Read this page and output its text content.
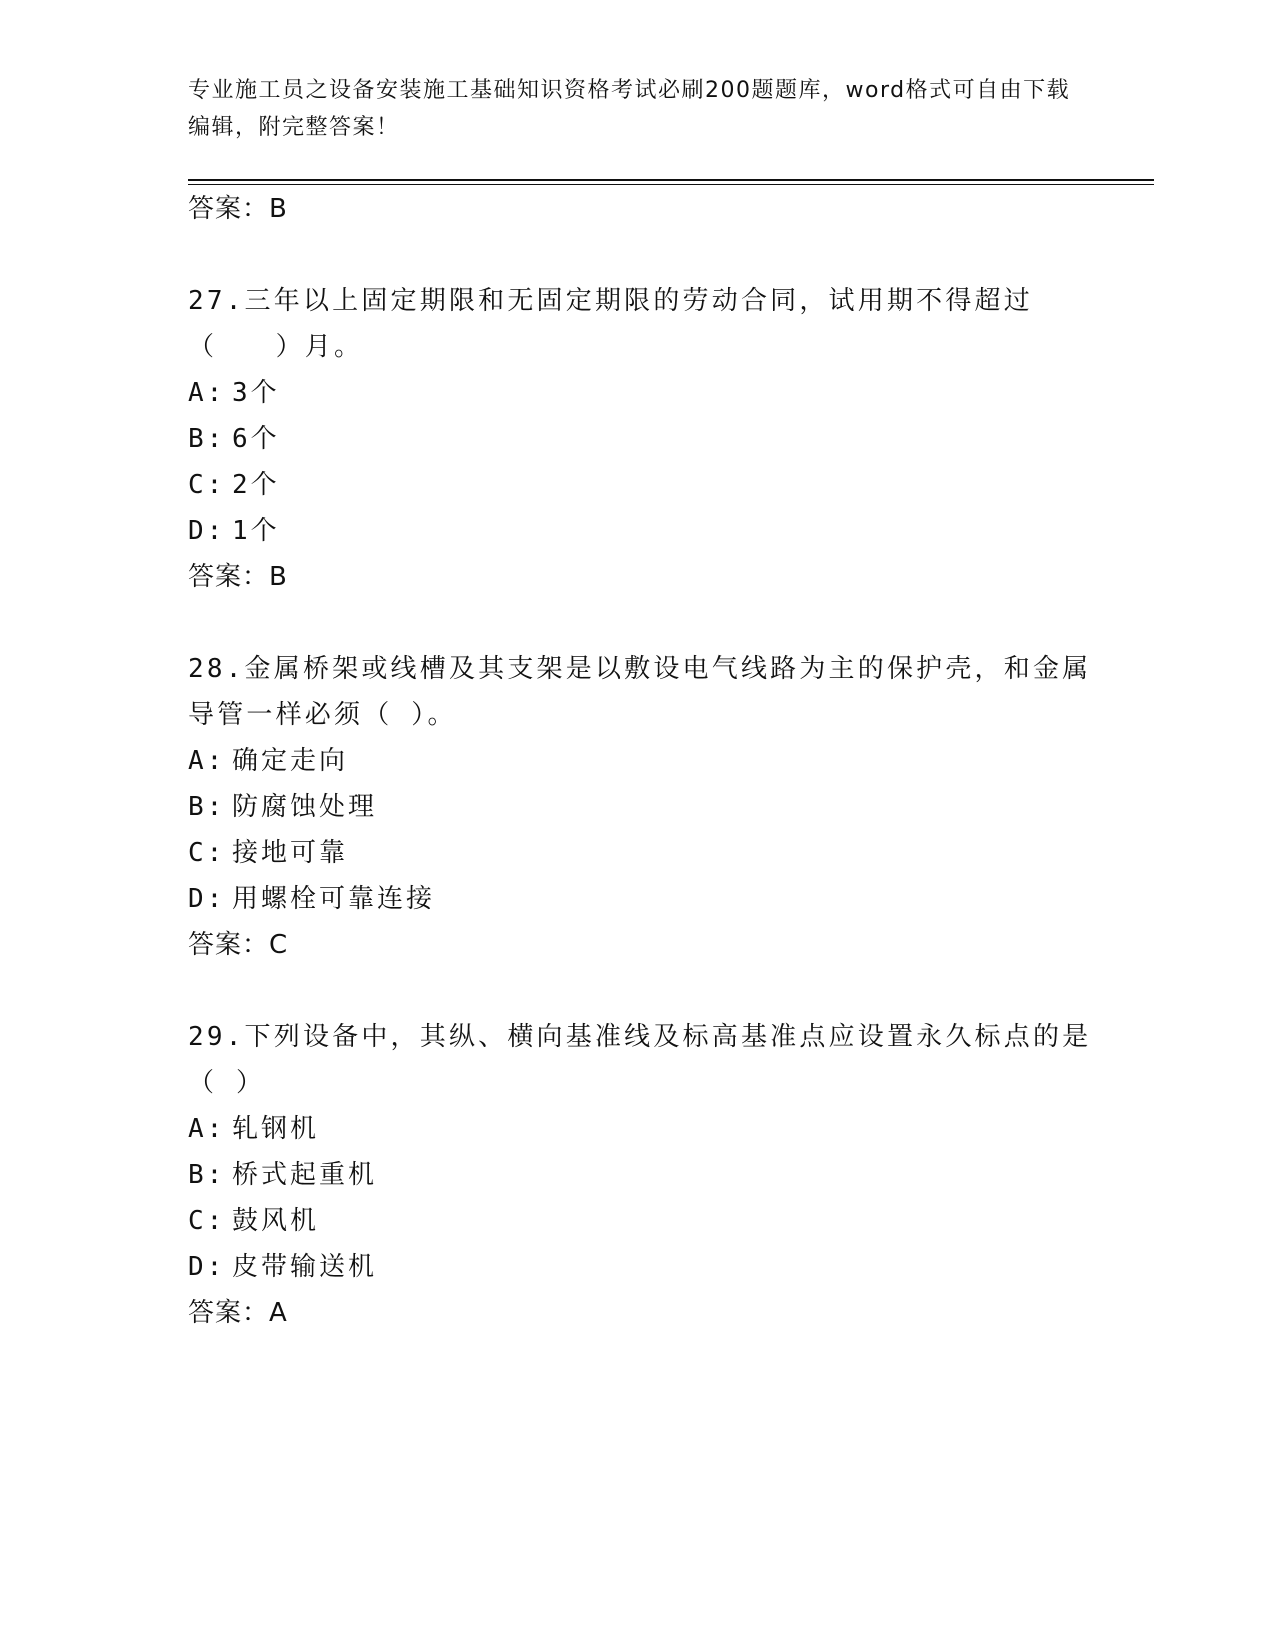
专业施工员之设备安装施工基础知识资格考试必刷200题题库，word格式可自由下载编辑，附完整答案！
答案：B
27.三年以上固定期限和无固定期限的劳动合同，试用期不得超过（　　）月。
A: 3个
B: 6个
C: 2个
D: 1个
答案：B
28.金属桥架或线槽及其支架是以敷设电气线路为主的保护壳，和金属导管一样必须（ ）。
A: 确定走向
B: 防腐蚀处理
C: 接地可靠
D: 用螺栓可靠连接
答案：C
29.下列设备中，其纵、横向基准线及标高基准点应设置永久标点的是（ ）
A: 轧钢机
B: 桥式起重机
C: 鼓风机
D: 皮带输送机
答案：A
